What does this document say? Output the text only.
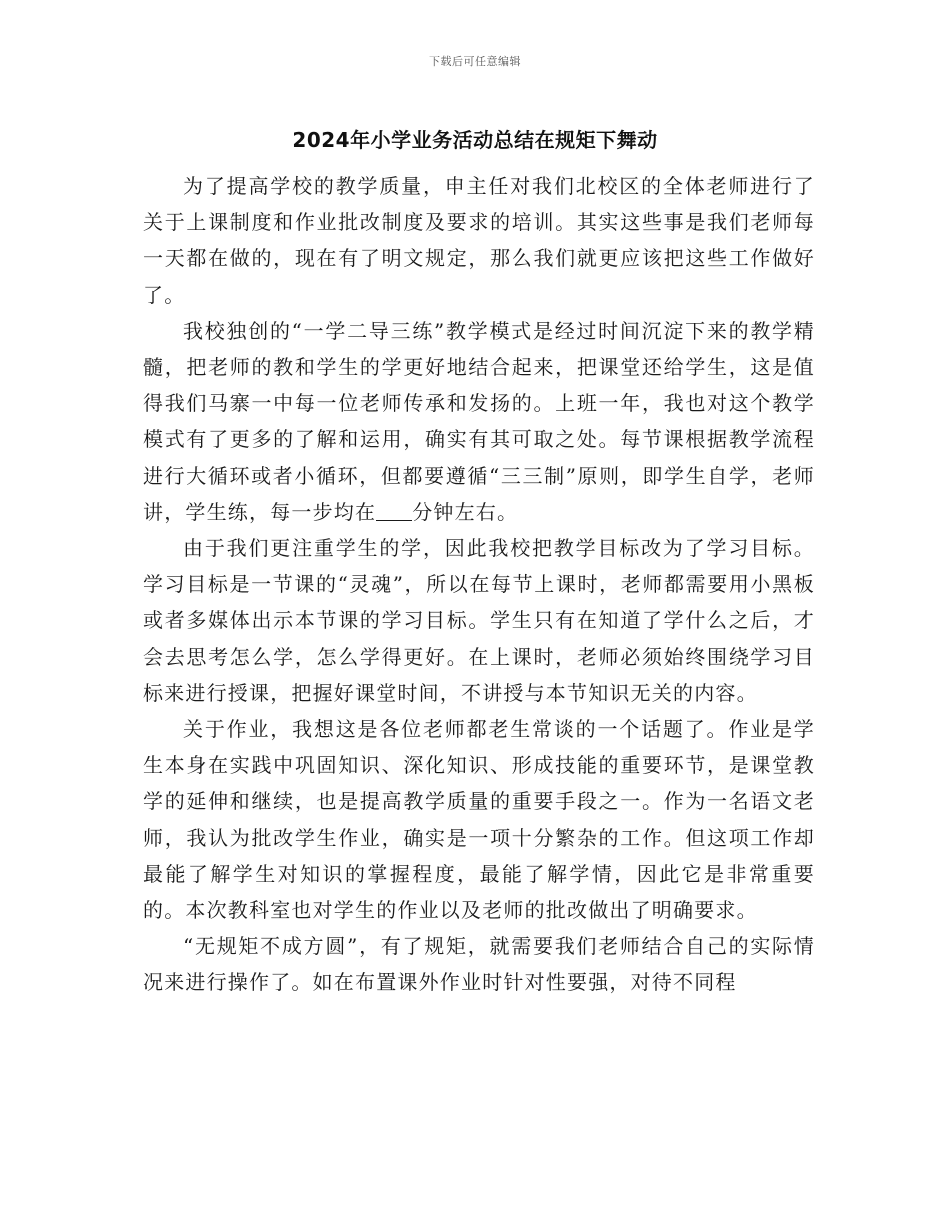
下载后可任意编辑
2024年小学业务活动总结在规矩下舞动

为了提高学校的教学质量，申主任对我们北校区的全体老师进行了关于上课制度和作业批改制度及要求的培训。其实这些事是我们老师每一天都在做的，现在有了明文规定，那么我们就更应该把这些工作做好了。

我校独创的“一学二导三练”教学模式是经过时间沉淀下来的教学精髓，把老师的教和学生的学更好地结合起来，把课堂还给学生，这是值得我们马寨一中每一位老师传承和发扬的。上班一年，我也对这个教学模式有了更多的了解和运用，确实有其可取之处。每节课根据教学流程进行大循环或者小循环，但都要遵循“三三制”原则，即学生自学，老师讲，学生练，每一步均在 分钟左右。

由于我们更注重学生的学，因此我校把教学目标改为了学习目标。学习目标是一节课的“灵魂”，所以在每节上课时，老师都需要用小黑板或者多媒体出示本节课的学习目标。学生只有在知道了学什么之后，才会去思考怎么学，怎么学得更好。在上课时，老师必须始终围绕学习目标来进行授课，把握好课堂时间，不讲授与本节知识无关的内容。

关于作业，我想这是各位老师都老生常谈的一个话题了。作业是学生本身在实践中巩固知识、深化知识、形成技能的重要环节，是课堂教学的延伸和继续，也是提高教学质量的重要手段之一。作为一名语文老师，我认为批改学生作业，确实是一项十分繁杂的工作。但这项工作却最能了解学生对知识的掌握程度，最能了解学情，因此它是非常重要的。本次教科室也对学生的作业以及老师的批改做出了明确要求。

“无规矩不成方圆”，有了规矩，就需要我们老师结合自己的实际情况来进行操作了。如在布置课外作业时针对性要强，对待不同程
